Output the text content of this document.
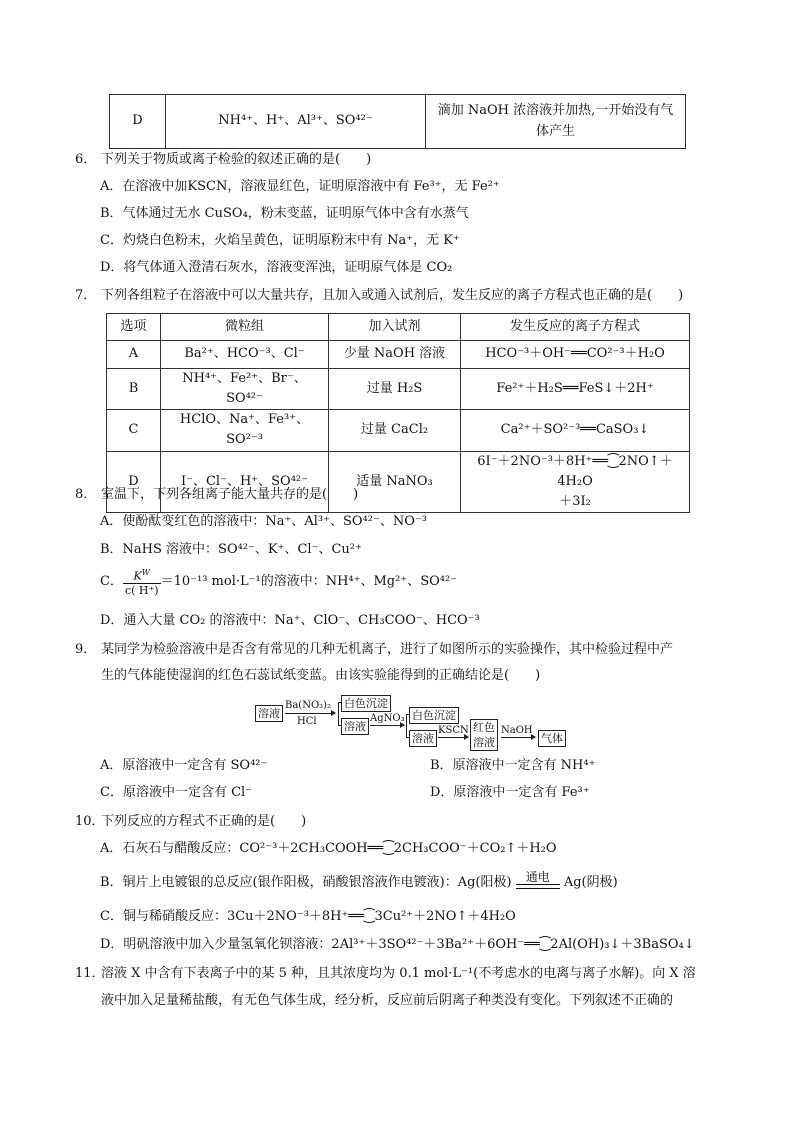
D	NH⁴⁺、H⁺、Al³⁺、SO⁴²⁻	
滴加 NaOH 浓溶液并加热,一开始没有气
体产生
6． 下列关于物质或离子检验的叙述正确的是(　　)
A．在溶液中加KSCN，溶液显红色，证明原溶液中有 Fe³⁺，无 Fe²⁺
B．气体通过无水 CuSO₄，粉末变蓝，证明原气体中含有水蒸气
C．灼烧白色粉末，火焰呈黄色，证明原粉末中有 Na⁺，无 K⁺
D．将气体通入澄清石灰水，溶液变浑浊，证明原气体是 CO₂
7． 下列各组粒子在溶液中可以大量共存，且加入或通入试剂后，发生反应的离子方程式也正确的是(　　)
选项	微粒组	加入试剂	发生反应的离子方程式
A	Ba²⁺、HCO⁻³、Cl⁻	少量 NaOH 溶液	HCO⁻³＋OH⁻══CO²⁻³＋H₂O
B	NH⁴⁺、Fe²⁺、Br⁻、SO⁴²⁻	过量 H₂S	Fe²⁺＋H₂S══FeS↓＋2H⁺
C	HClO、Na⁺、Fe³⁺、SO²⁻³	过量 CaCl₂	Ca²⁺＋SO²⁻³══CaSO₃↓
D	I⁻、Cl⁻、H⁺、SO⁴²⁻	适量 NaNO₃	6I⁻＋2NO⁻³＋8H⁺══⁐2NO↑＋4H₂O
＋3I₂
8． 室温下，下列各组离子能大量共存的是(　　)
A．使酚酞变红色的溶液中：Na⁺、Al³⁺、SO⁴²⁻、NO⁻³
B．NaHS 溶液中：SO⁴²⁻、K⁺、Cl⁻、Cu²⁺
C． $\frac{K^W}{c( H^+)} =10^{-13}$ mol·L⁻¹的溶液中：NH⁴⁺、Mg²⁺、SO⁴²⁻
D．通入大量 CO₂ 的溶液中：Na⁺、ClO⁻、CH₃COO⁻、HCO⁻³
9． 某同学为检验溶液中是否含有常见的几种无机离子，进行了如图所示的实验操作，其中检验过程中产
生的气体能使湿润的红色石蕊试纸变蓝。由该实验能得到的正确结论是(　　)
溶液
Ba(NO₃)₂
HCl
白色沉淀
溶液
AgNO₃ 白色沉淀
溶液
KSCN 红色
溶液
NaOH
气体
A．原溶液中一定含有 SO⁴²⁻	B．原溶液中一定含有 NH⁴⁺
C．原溶液中一定含有 Cl⁻	D．原溶液中一定含有 Fe³⁺
10．下列反应的方程式不正确的是(　　)
A．石灰石与醋酸反应：CO²⁻³＋2CH₃COOH══⁐2CH₃COO⁻＋CO₂↑＋H₂O
B．铜片上电镀银的总反应(银作阳极，硝酸银溶液作电镀液)：Ag(阳极)	通电	Ag(阴极)
C．铜与稀硝酸反应：3Cu＋2NO⁻³＋8H⁺══⁐3Cu²⁺＋2NO↑＋4H₂O
D．明矾溶液中加入少量氢氧化钡溶液：2Al³⁺＋3SO⁴²⁻＋3Ba²⁺＋6OH⁻══⁐2Al(OH)₃↓＋3BaSO₄↓
11．溶液 X 中含有下表离子中的某 5 种，且其浓度均为 0.1 mol·L⁻¹(不考虑水的电离与离子水解)。向 X 溶
液中加入足量稀盐酸，有无色气体生成，经分析，反应前后阴离子种类没有变化。下列叙述不正确的
